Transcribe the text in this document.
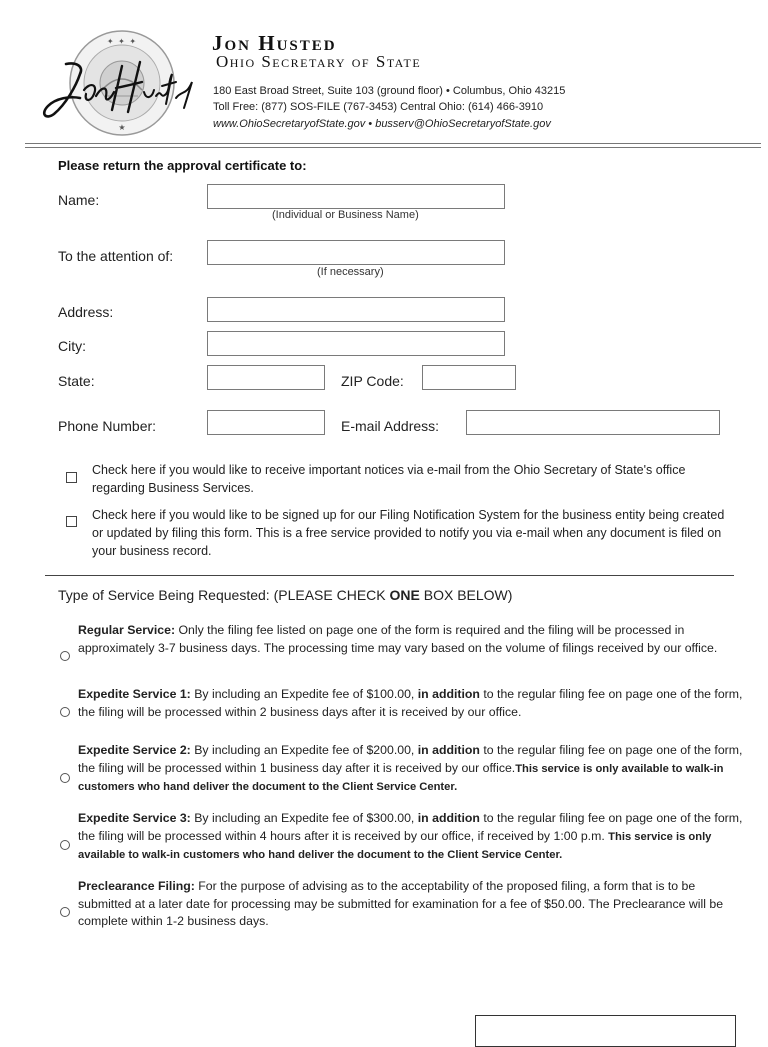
✦ ✦ ✦
★
Jon Husted
Ohio Secretary of State
180 East Broad Street, Suite 103 (ground floor) • Columbus, Ohio 43215
Toll Free: (877) SOS-FILE (767-3453) Central Ohio: (614) 466-3910
www.OhioSecretaryofState.gov • busserv@OhioSecretaryofState.gov
Please return the approval certificate to:
Name:
(Individual or Business Name)
To the attention of:
(If necessary)
Address:
City:
State:	ZIP Code:
Phone Number:	E-mail Address:
Check here if you would like to receive important notices via e-mail from the Ohio Secretary of State's office regarding Business Services.
Check here if you would like to be signed up for our Filing Notification System for the business entity being created or updated by filing this form. This is a free service provided to notify you via e-mail when any document is filed on your business record.
Type of Service Being Requested: (PLEASE CHECK ONE BOX BELOW)
Regular Service: Only the filing fee listed on page one of the form is required and the filing will be processed in approximately 3-7 business days. The processing time may vary based on the volume of filings received by our office.
Expedite Service 1: By including an Expedite fee of $100.00, in addition to the regular filing fee on page one of the form, the filing will be processed within 2 business days after it is received by our office.
Expedite Service 2: By including an Expedite fee of $200.00, in addition to the regular filing fee on page one of the form, the filing will be processed within 1 business day after it is received by our office.This service is only available to walk-in customers who hand deliver the document to the Client Service Center.
Expedite Service 3: By including an Expedite fee of $300.00, in addition to the regular filing fee on page one of the form, the filing will be processed within 4 hours after it is received by our office, if received by 1:00 p.m. This service is only available to walk-in customers who hand deliver the document to the Client Service Center.
Preclearance Filing: For the purpose of advising as to the acceptability of the proposed filing, a form that is to be submitted at a later date for processing may be submitted for examination for a fee of $50.00. The Preclearance will be complete within 1-2 business days.
